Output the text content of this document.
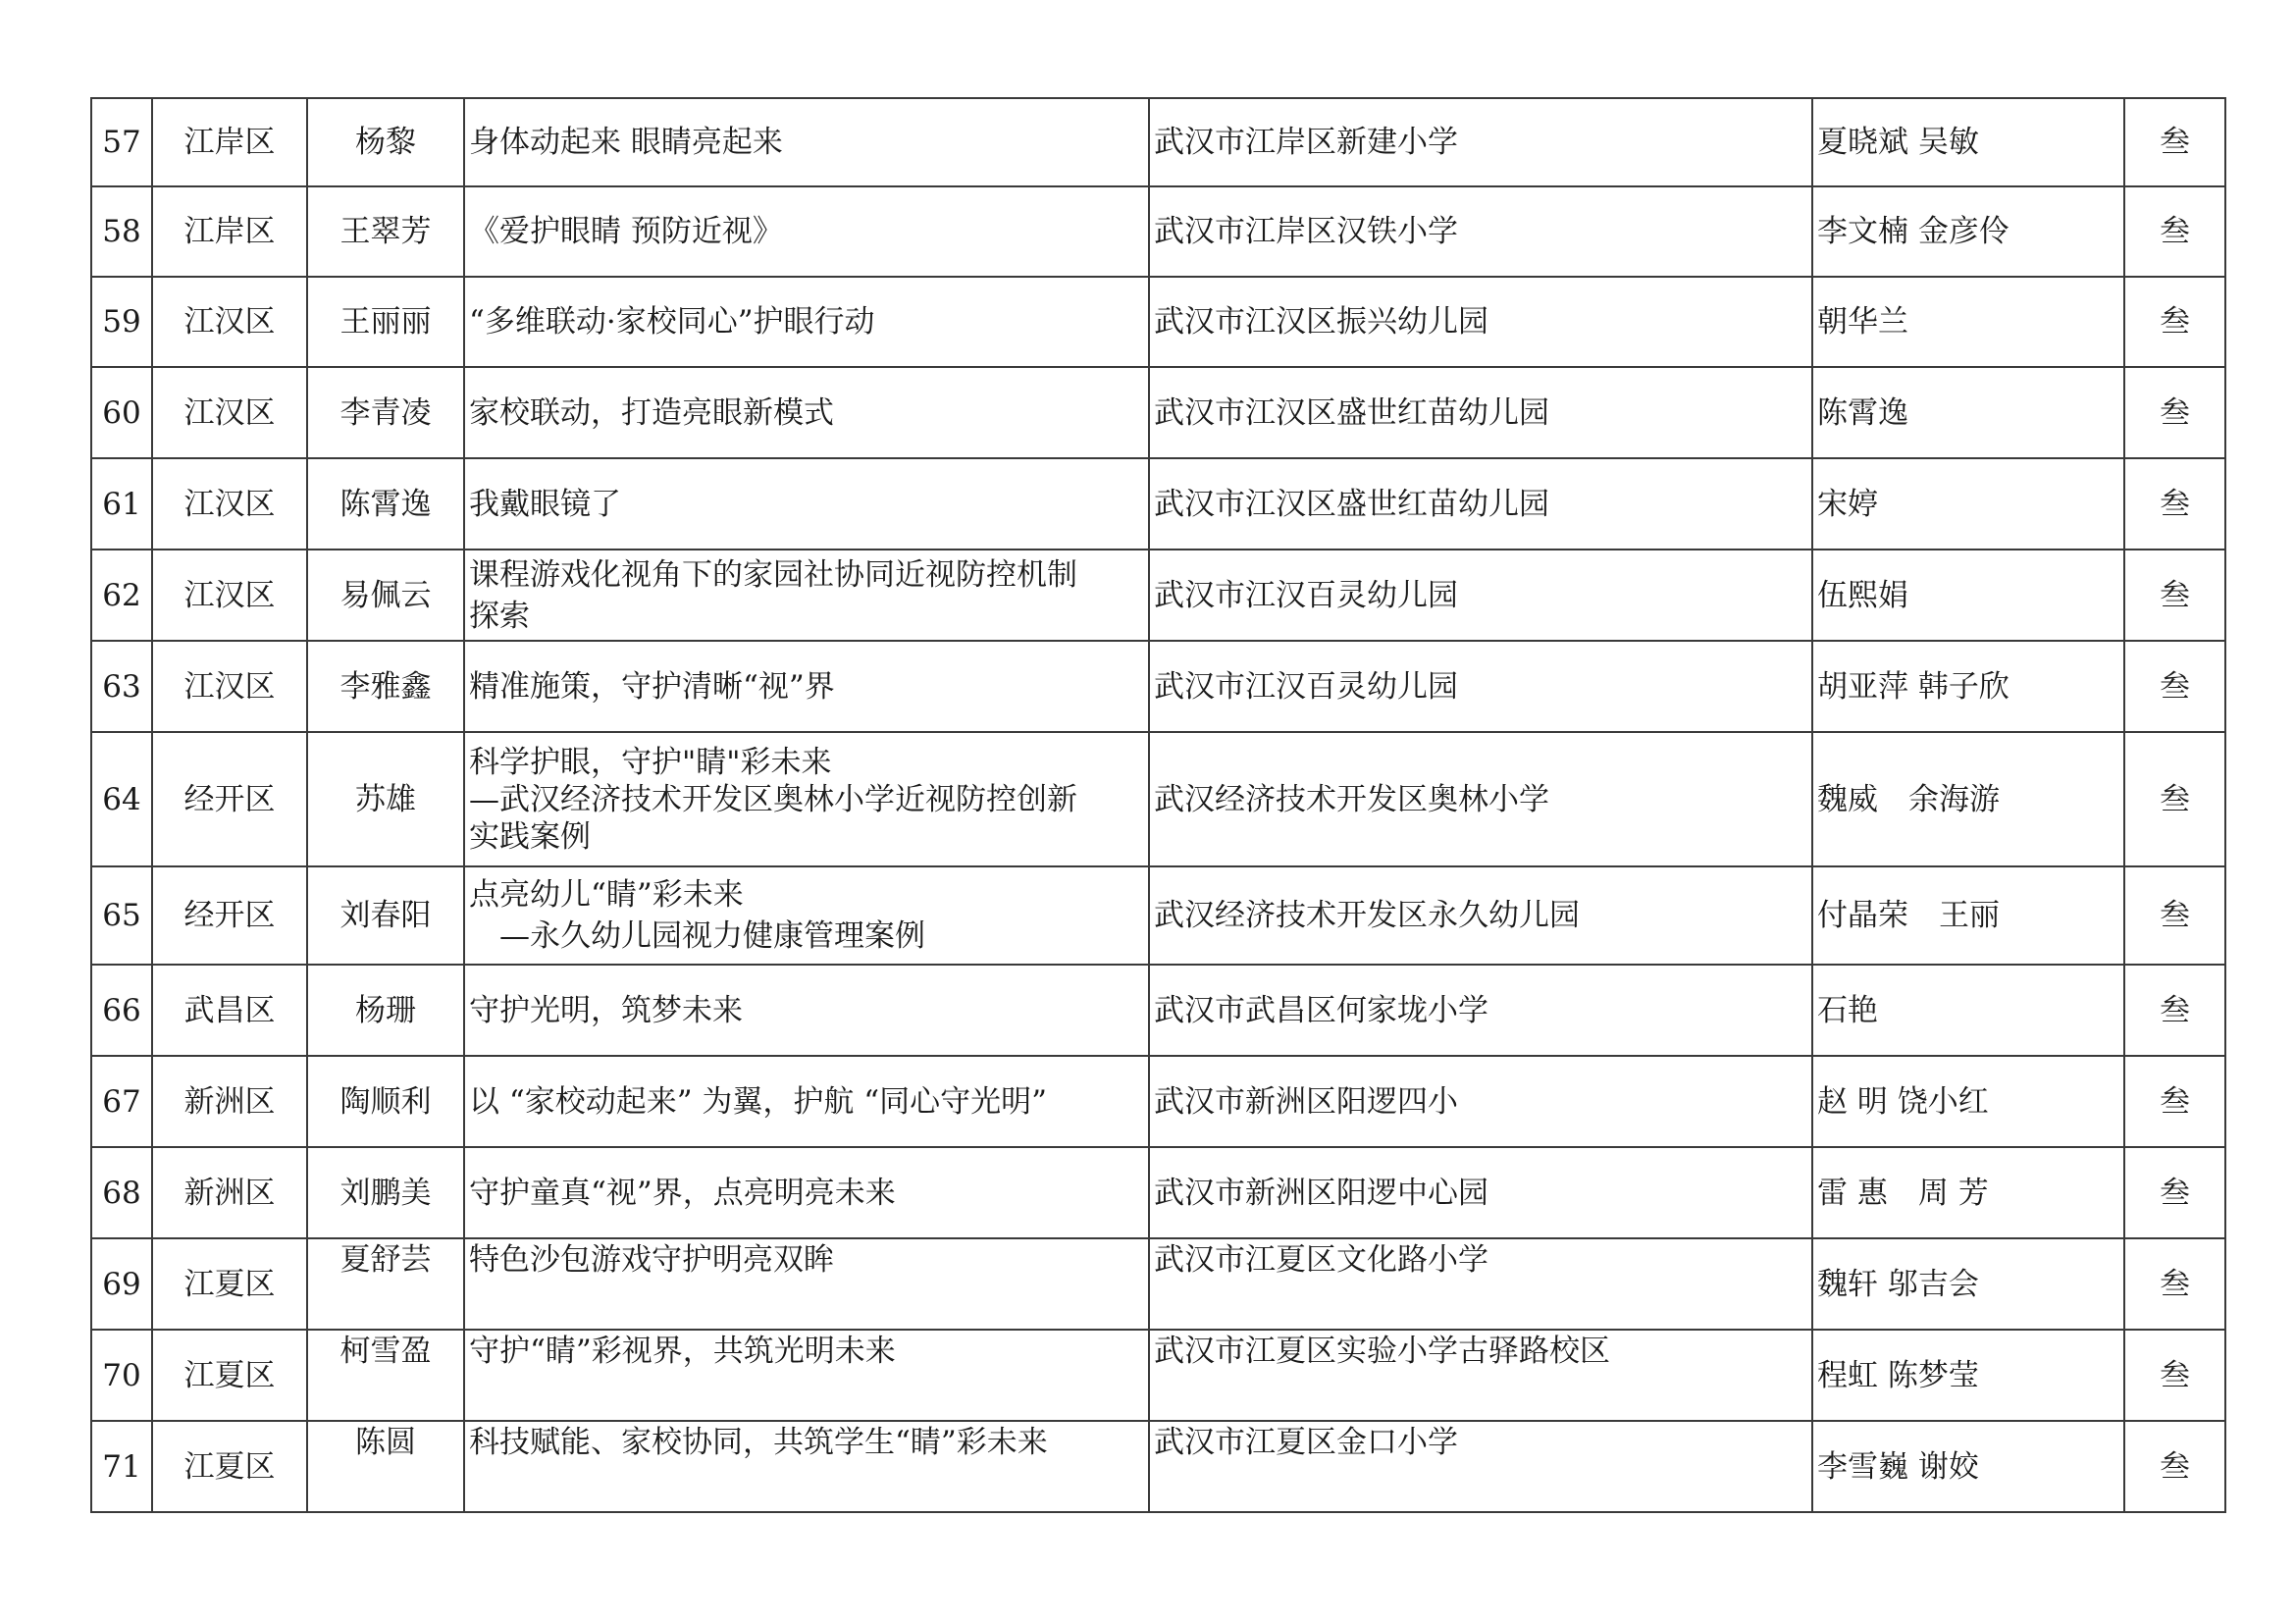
57	江岸区	杨黎	身体动起来 眼睛亮起来	武汉市江岸区新建小学	夏晓斌 吴敏	叁
58	江岸区	王翠芳	《爱护眼睛 预防近视》	武汉市江岸区汉铁小学	李文楠 金彦伶	叁
59	江汉区	王丽丽	“多维联动·家校同心”护眼行动	武汉市江汉区振兴幼儿园	朝华兰	叁
60	江汉区	李青凌	家校联动，打造亮眼新模式	武汉市江汉区盛世红苗幼儿园	陈霄逸	叁
61	江汉区	陈霄逸	我戴眼镜了	武汉市江汉区盛世红苗幼儿园	宋婷	叁
62	江汉区	易佩云	课程游戏化视角下的家园社协同近视防控机制
探索	武汉市江汉百灵幼儿园	伍熙娟	叁
63	江汉区	李雅鑫	精准施策，守护清晰“视”界	武汉市江汉百灵幼儿园	胡亚萍 韩子欣	叁
64	经开区	苏雄	科学护眼，守护"睛"彩未来
—武汉经济技术开发区奥林小学近视防控创新
实践案例	武汉经济技术开发区奥林小学	魏威　余海游	叁
65	经开区	刘春阳	点亮幼儿“睛”彩未来
　—永久幼儿园视力健康管理案例	武汉经济技术开发区永久幼儿园	付晶荣　王丽	叁
66	武昌区	杨珊	守护光明，筑梦未来	武汉市武昌区何家垅小学	石艳	叁
67	新洲区	陶顺利	以 “家校动起来” 为翼，护航 “同心守光明”	武汉市新洲区阳逻四小	赵 明 饶小红	叁
68	新洲区	刘鹏美	守护童真“视”界，点亮明亮未来	武汉市新洲区阳逻中心园	雷 惠　周 芳	叁
69	江夏区	夏舒芸	特色沙包游戏守护明亮双眸	武汉市江夏区文化路小学	魏轩 邬吉会	叁
70	江夏区	柯雪盈	守护“睛”彩视界，共筑光明未来	武汉市江夏区实验小学古驿路校区	程虹 陈梦莹	叁
71	江夏区	陈圆	科技赋能、家校协同，共筑学生“睛”彩未来	武汉市江夏区金口小学	李雪巍 谢姣	叁
